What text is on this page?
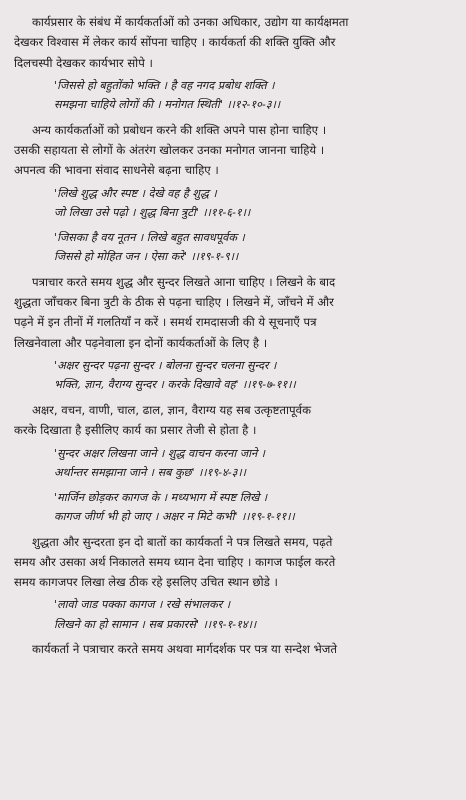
कार्यप्रसार के संबंध में कार्यकर्ताओं को उनका अधिकार, उद्योग या कार्यक्षमता
देखकर विश्वास में लेकर कार्य सोंपना चाहिए । कार्यकर्ता की शक्ति युक्ति और
दिलचस्पी देखकर कार्यभार सोपे ।
'जिससे हो बहुतोंको भक्ति । है वह नगद प्रबोध शक्ति ।
समझना चाहिये लोगों की । मनोगत स्थिती' ।।१२-१०-३।।
अन्य कार्यकर्ताओं को प्रबोधन करने की शक्ति अपने पास होना चाहिए ।
उसकी सहायता से लोगों के अंतरंग खोलकर उनका मनोगत जानना चाहिये ।
अपनत्व की भावना संवाद साधनेसे बढ़ना चाहिए ।
'लिखे शुद्ध और स्पष्ट । देखे वह है शुद्ध ।
जो लिखा उसे पढ़ो । शुद्ध बिना त्रुटी' ।।११-६-१।।
'जिसका है वय नूतन । लिखे बहुत सावधपूर्वक ।
जिससे हो मोहित जन । ऐसा करे' ।।१९-१-९।।
पत्राचार करते समय शुद्ध और सुन्दर लिखते आना चाहिए । लिखने के बाद
शुद्धता जाँचकर बिना त्रुटी के ठीक से पढ़ना चाहिए । लिखने में, जाँचने में और
पढ़ने में इन तीनों में गलतियाँ न करें । समर्थ रामदासजी की ये सूचनाएँ पत्र
लिखनेवाला और पढ़नेवाला इन दोनों कार्यकर्ताओं के लिए है ।
'अक्षर सुन्दर पढ़ना सुन्दर । बोलना सुन्दर चलना सुन्दर ।
भक्ति, ज्ञान, वैराग्य सुन्दर । करके दिखावे वह' ।।१९-७-११।।
अक्षर, वचन, वाणी, चाल, ढाल, ज्ञान, वैराग्य यह सब उत्कृष्टतापूर्वक
करके दिखाता है इसीलिए कार्य का प्रसार तेजी से होता है ।
'सुन्दर अक्षर लिखना जाने । शुद्ध वाचन करना जाने ।
अर्थान्तर समझाना जाने । सब कुछ' ।।१९-४-३।।
'मार्जिन छोड़कर कागज के । मध्यभाग में स्पष्ट लिखे ।
कागज जीर्ण भी हो जाए । अक्षर न मिटे कभी' ।।१९-१-११।।
शुद्धता और सुन्दरता इन दो बातों का कार्यकर्ता ने पत्र लिखते समय, पढ़ते
समय और उसका अर्थ निकालते समय ध्यान देना चाहिए । कागज फाईल करते
समय कागजपर लिखा लेख ठीक रहे इसलिए उचित स्थान छोडे ।
'लावो जाड पक्का कागज । रखे संभालकर ।
लिखने का हो सामान । सब प्रकारसे' ।।१९-१-१४।।
कार्यकर्ता ने पत्राचार करते समय अथवा मार्गदर्शक पर पत्र या सन्देश भेजते
